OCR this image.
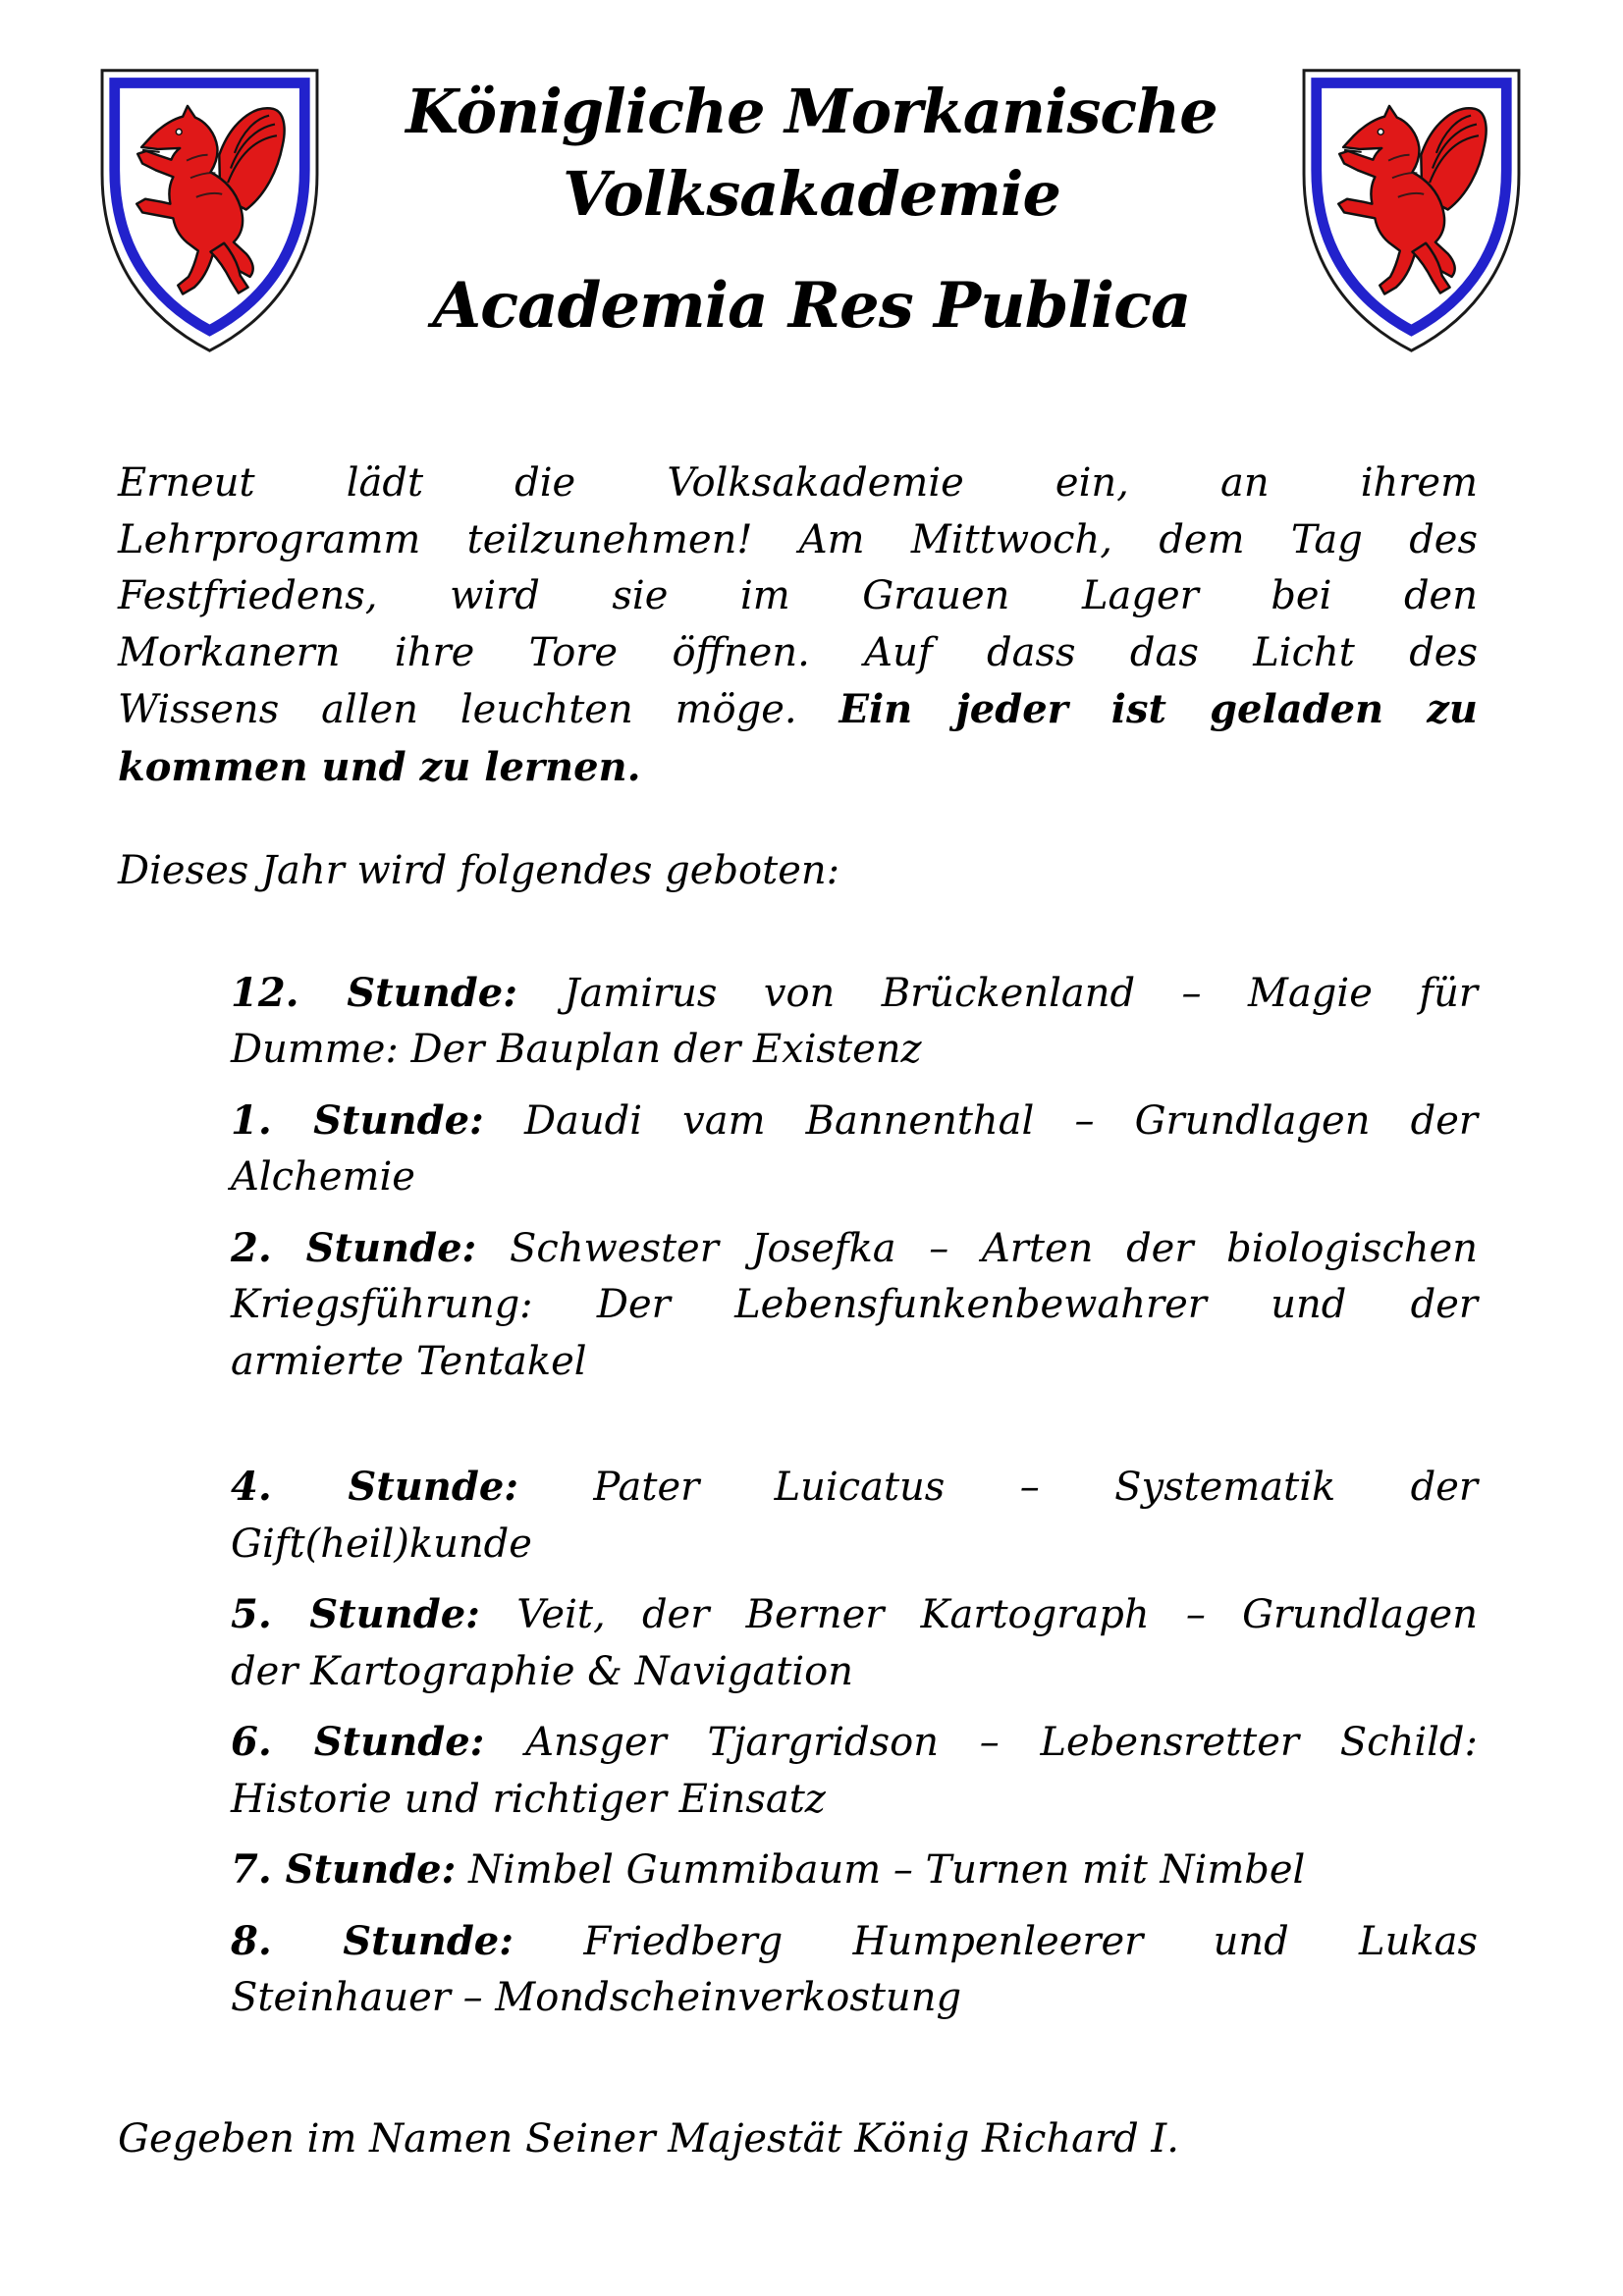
Königliche Morkanische
Volksakademie
Academia Res Publica
Erneut lädt die Volksakademie ein, an ihrem
Lehrprogramm teilzunehmen! Am Mittwoch, dem Tag des
Festfriedens, wird sie im Grauen Lager bei den
Morkanern ihre Tore öffnen. Auf dass das Licht des
Wissens allen leuchten möge. Ein jeder ist geladen zu
kommen und zu lernen.
Dieses Jahr wird folgendes geboten:
12. Stunde: Jamirus von Brückenland – Magie für
Dumme: Der Bauplan der Existenz
1. Stunde: Daudi vam Bannenthal – Grundlagen der
Alchemie
2. Stunde: Schwester Josefka – Arten der biologischen
Kriegsführung: Der Lebensfunkenbewahrer und der
armierte Tentakel
4. Stunde: Pater Luicatus – Systematik der
Gift(heil)kunde
5. Stunde: Veit, der Berner Kartograph – Grundlagen
der Kartographie & Navigation
6. Stunde: Ansger Tjargridson – Lebensretter Schild:
Historie und richtiger Einsatz
7. Stunde: Nimbel Gummibaum – Turnen mit Nimbel
8. Stunde: Friedberg Humpenleerer und Lukas
Steinhauer – Mondscheinverkostung
Gegeben im Namen Seiner Majestät König Richard I.
